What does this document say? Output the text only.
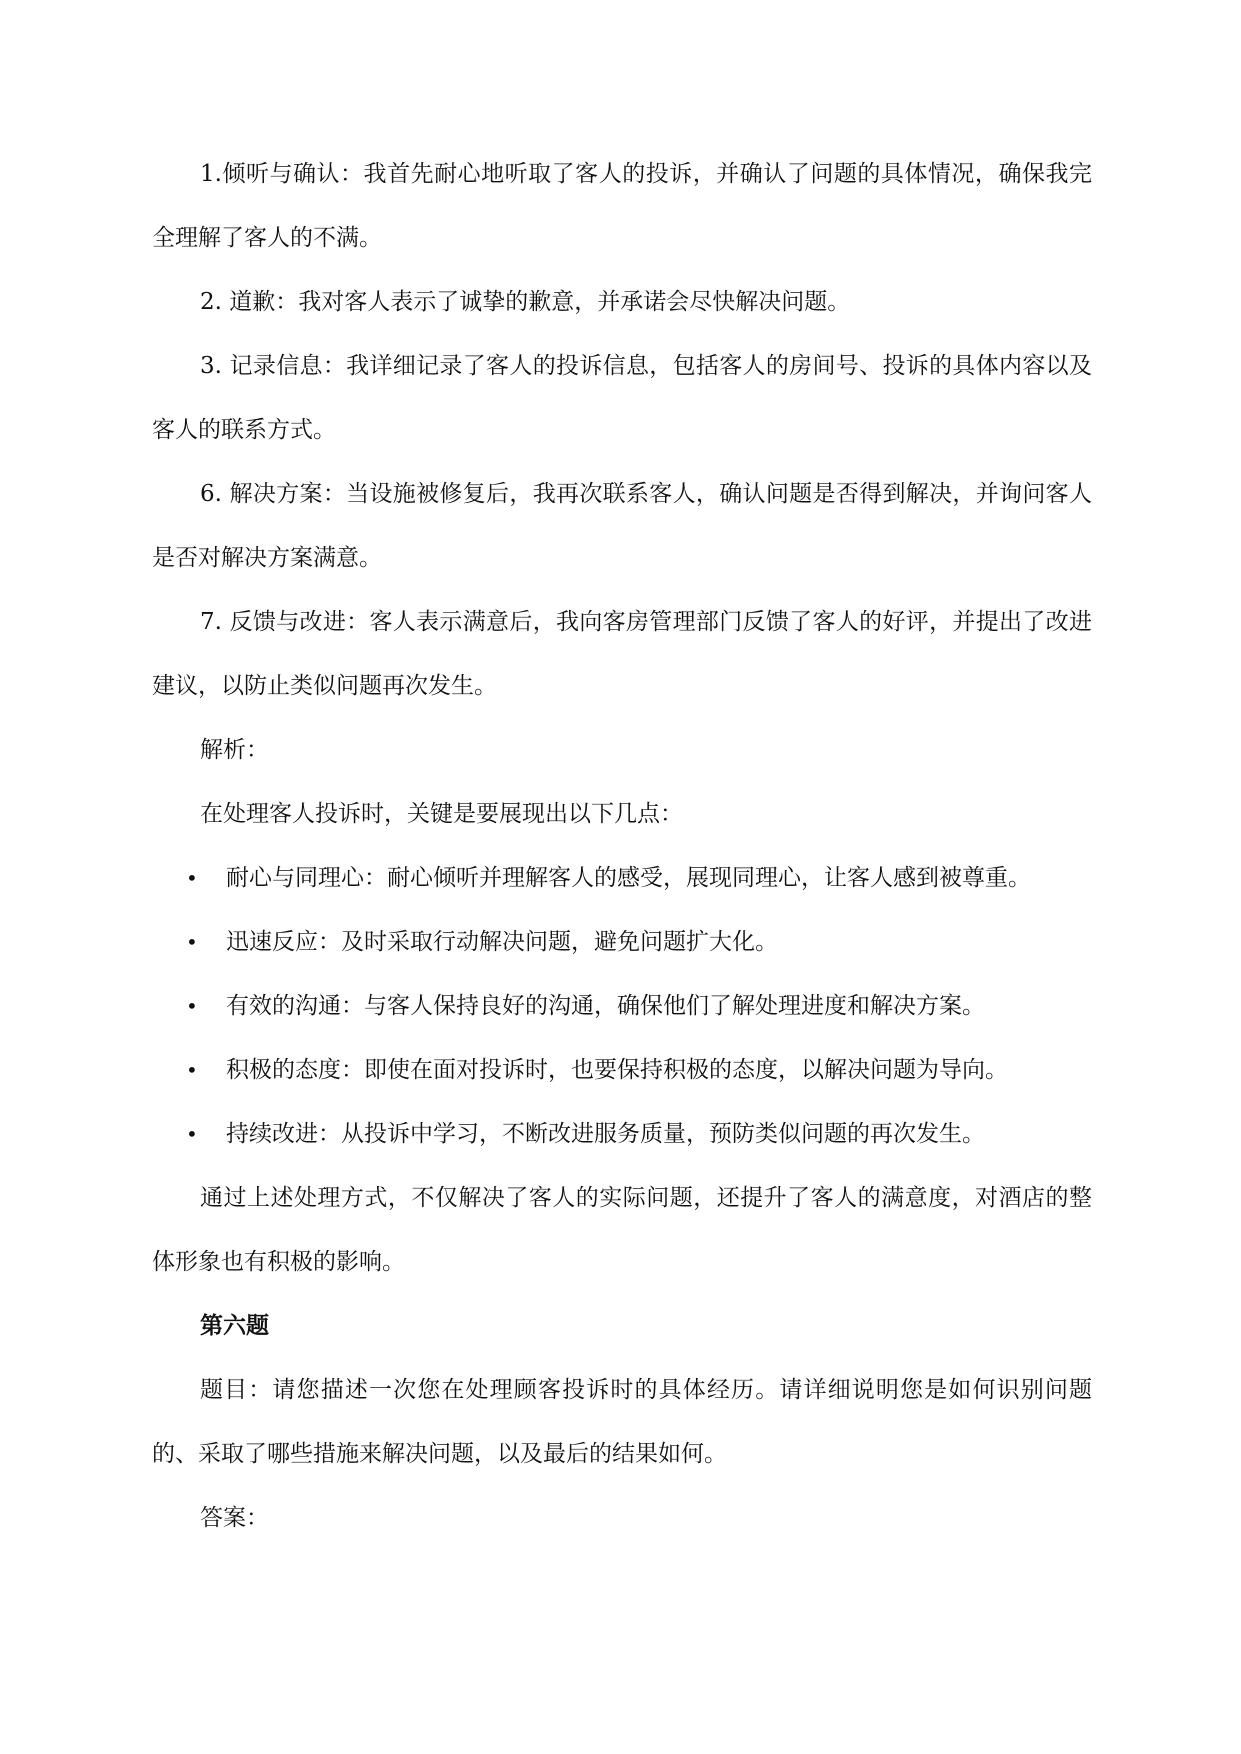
1.倾听与确认：我首先耐心地听取了客人的投诉，并确认了问题的具体情况，确保我完全理解了客人的不满。

2. 道歉：我对客人表示了诚挚的歉意，并承诺会尽快解决问题。

3. 记录信息：我详细记录了客人的投诉信息，包括客人的房间号、投诉的具体内容以及客人的联系方式。

6. 解决方案：当设施被修复后，我再次联系客人，确认问题是否得到解决，并询问客人是否对解决方案满意。

7. 反馈与改进：客人表示满意后，我向客房管理部门反馈了客人的好评，并提出了改进建议，以防止类似问题再次发生。

解析：

在处理客人投诉时，关键是要展现出以下几点：

• 耐心与同理心：耐心倾听并理解客人的感受，展现同理心，让客人感到被尊重。
• 迅速反应：及时采取行动解决问题，避免问题扩大化。
• 有效的沟通：与客人保持良好的沟通，确保他们了解处理进度和解决方案。
• 积极的态度：即使在面对投诉时，也要保持积极的态度，以解决问题为导向。
• 持续改进：从投诉中学习，不断改进服务质量，预防类似问题的再次发生。

通过上述处理方式，不仅解决了客人的实际问题，还提升了客人的满意度，对酒店的整体形象也有积极的影响。

第六题

题目：请您描述一次您在处理顾客投诉时的具体经历。请详细说明您是如何识别问题的、采取了哪些措施来解决问题，以及最后的结果如何。

答案：
